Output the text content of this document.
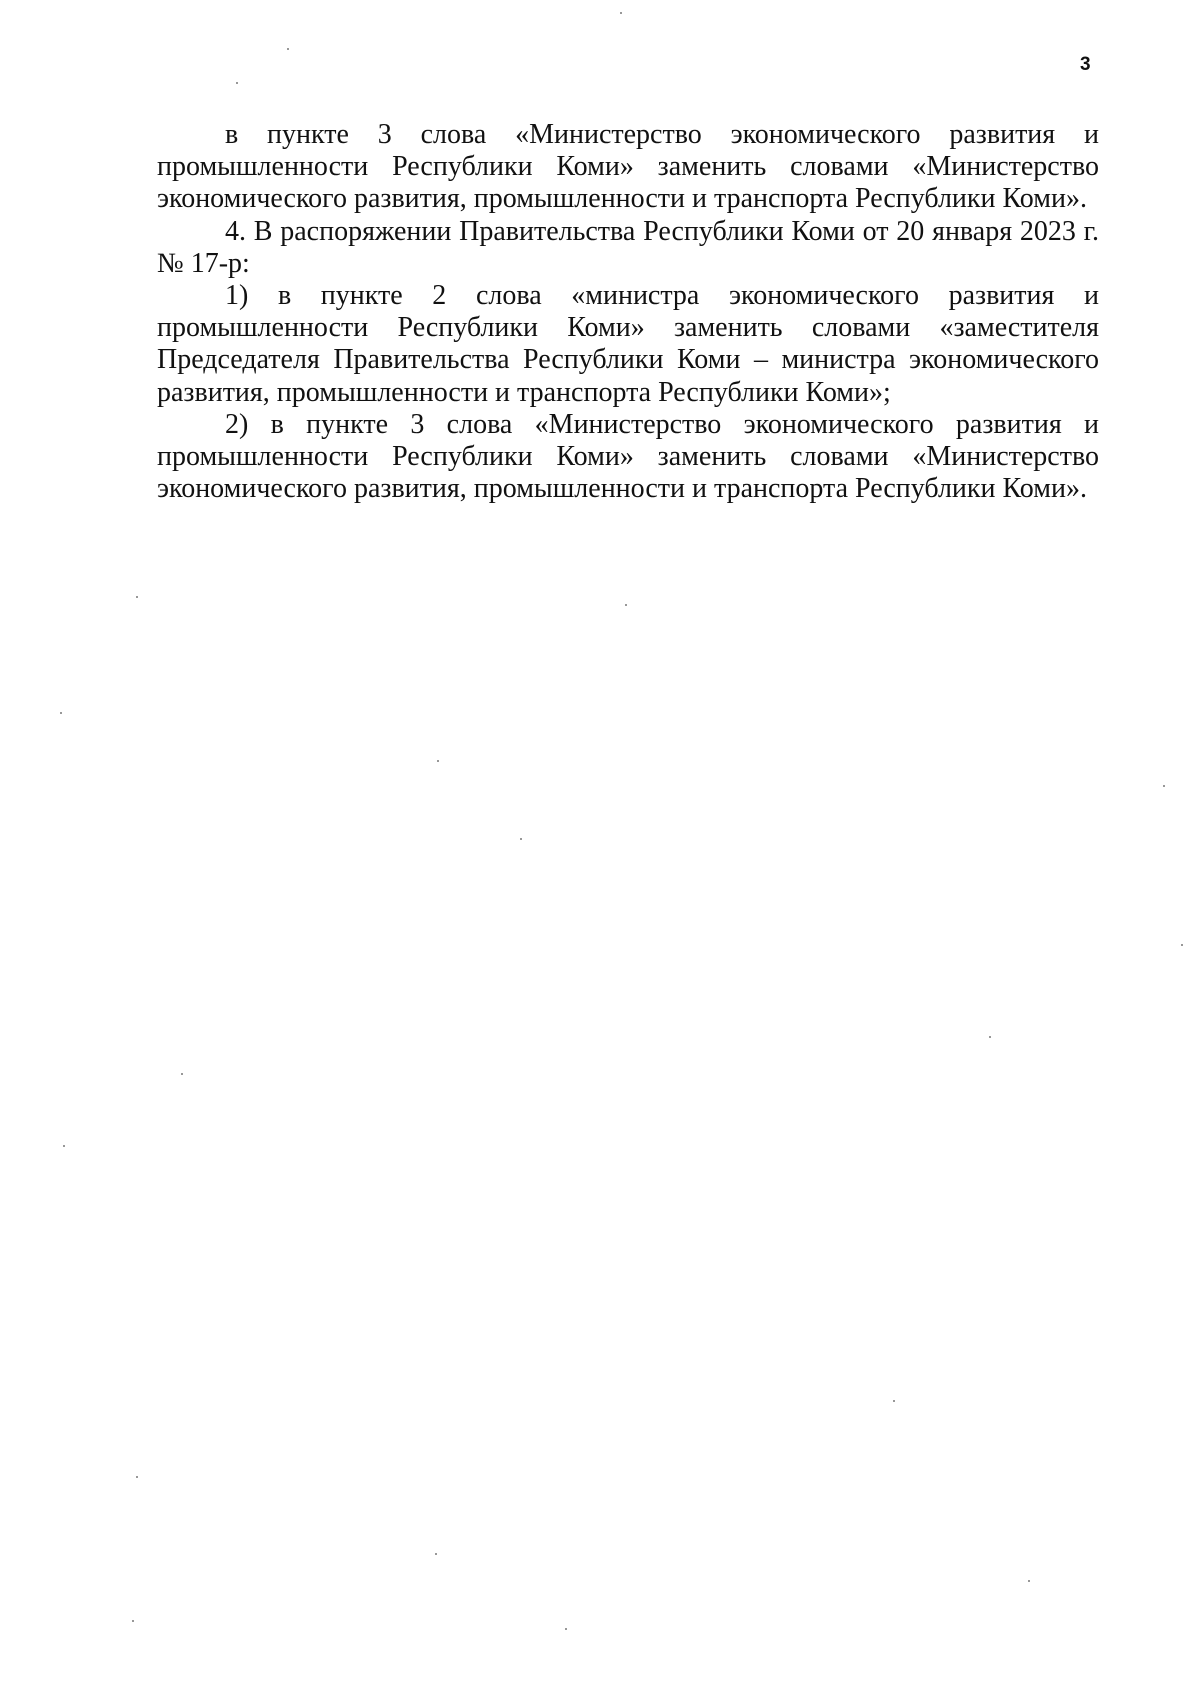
3

в пункте 3 слова «Министерство экономического развития и промышленности Республики Коми» заменить словами «Министерство экономического развития, промышленности и транспорта Республики Коми».

4. В распоряжении Правительства Республики Коми от 20 января 2023 г. № 17-р:

1) в пункте 2 слова «министра экономического развития и промышленности Республики Коми» заменить словами «заместителя Председателя Правительства Республики Коми – министра экономического развития, промышленности и транспорта Республики Коми»;

2) в пункте 3 слова «Министерство экономического развития и промышленности Республики Коми» заменить словами «Министерство экономического развития, промышленности и транспорта Республики Коми».
